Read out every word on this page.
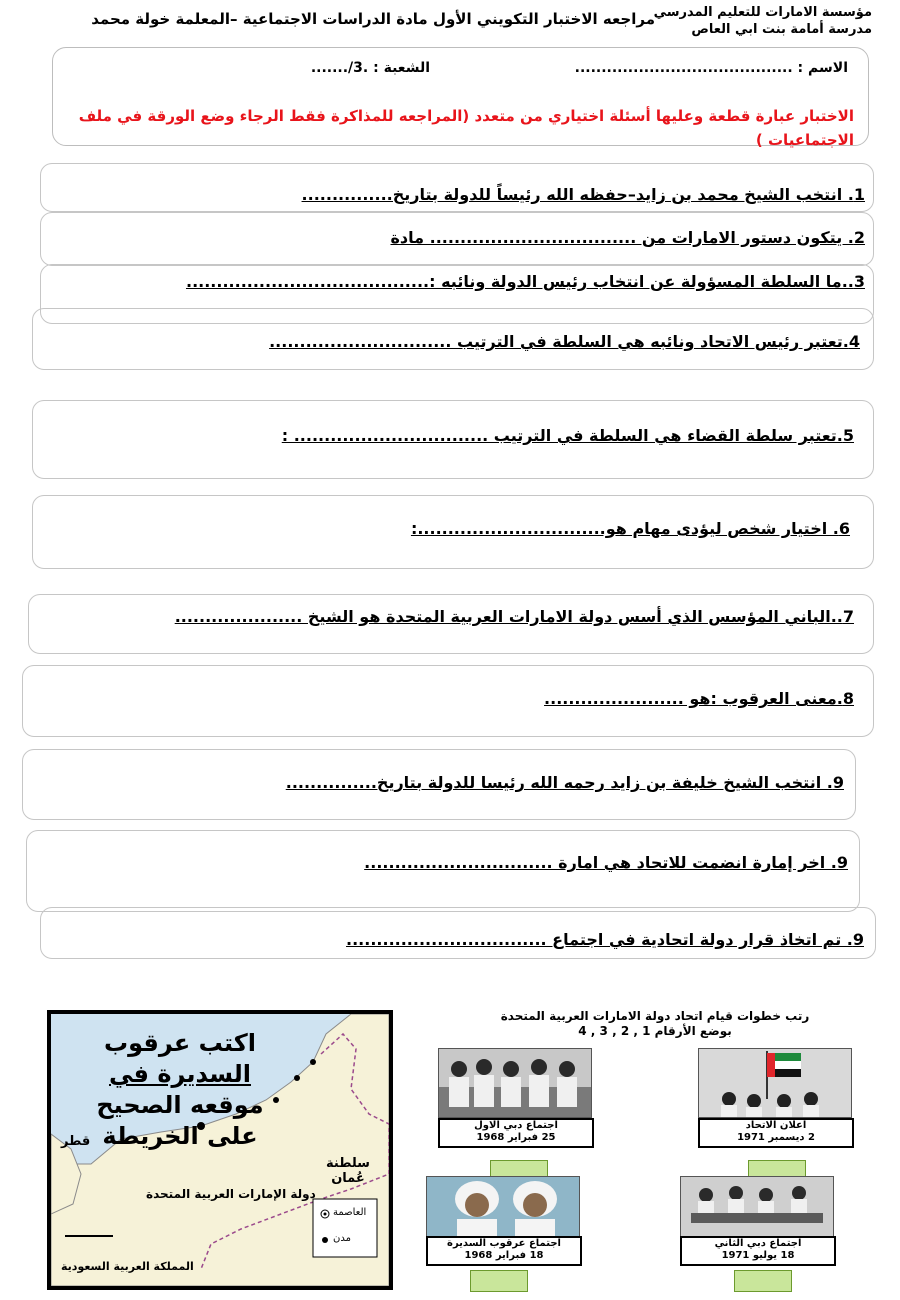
مؤسسة الامارات للتعليم المدرسي
مدرسة أمامة بنت ابي العاص
مراجعه الاختبار التكويني الأول مادة الدراسات الاجتماعية –المعلمة خولة محمد
الاسم : .........................................
الشعبة : .3/.......
الاختبار عبارة قطعة وعليها أسئلة اختياري من متعدد (المراجعه للمذاكرة فقط الرجاء وضع الورقة في ملف الاجتماعيات )
1. انتخب الشيخ محمد بن زايد–حفظه الله رئيساً للدولة بتاريخ...............
2. يتكون دستور الامارات من .................................. مادة
3..ما السلطة المسؤولة عن انتخاب رئيس الدولة ونائبه :........................................
4.تعتبر رئيس الاتحاد ونائبه هي السلطة في الترتيب ..............................
5.تعتبر سلطة القضاء هي السلطة في الترتيب ................................ :
6. اختيار شخص ليؤدى مهام هو...............................:
7..الباني المؤسس الذي أسس دولة الامارات العربية المتحدة هو الشيخ .....................
8.معنى العرقوب :هو .......................
9. انتخب الشيخ خليفة بن زايد رحمه الله رئيسا للدولة بتاريخ...............
9. اخر إمارة انضمت للاتحاد هي امارة ...............................
9. تم اتخاذ قرار دولة اتحادية في اجتماع .................................
قطر
سلطنة عُمان
دولة الإمارات العربية المتحدة
المملكة العربية السعودية
العاصمة
مدن
اكتب عرقوب
السديرة في
موقعه الصحيح
على الخريطة
رتب خطوات قيام اتحاد دولة الامارات العربية المتحدة
بوضع الأرقام 1 , 2 , 3 , 4
اجتماع دبي الاول
25 فبراير 1968
اعلان الاتحاد
2 ديسمبر 1971
اجتماع عرقوب السديرة
18 فبراير 1968
اجتماع دبي الثاني
18 يوليو 1971
